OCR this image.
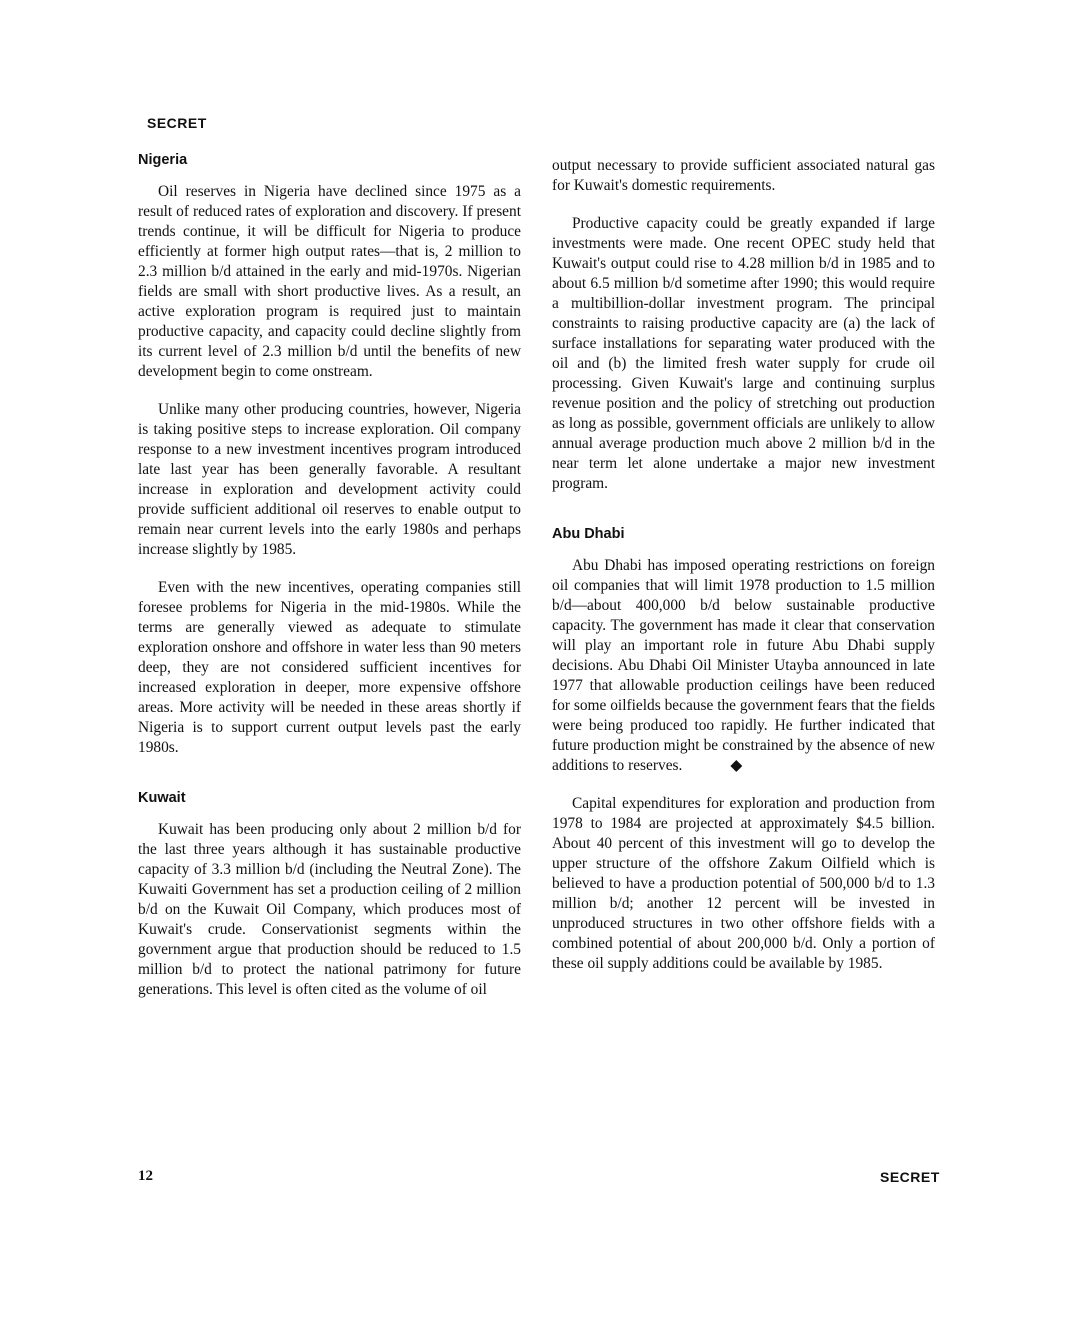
SECRET
Nigeria

Oil reserves in Nigeria have declined since 1975 as a result of reduced rates of exploration and discovery. If present trends continue, it will be difficult for Nigeria to produce efficiently at former high output rates—that is, 2 million to 2.3 million b/d attained in the early and mid-1970s. Nigerian fields are small with short productive lives. As a result, an active exploration program is required just to maintain productive capacity, and capacity could decline slightly from its current level of 2.3 million b/d until the benefits of new development begin to come onstream.

Unlike many other producing countries, however, Nigeria is taking positive steps to increase exploration. Oil company response to a new investment incentives program introduced late last year has been generally favorable. A resultant increase in exploration and development activity could provide sufficient additional oil reserves to enable output to remain near current levels into the early 1980s and perhaps increase slightly by 1985.

Even with the new incentives, operating companies still foresee problems for Nigeria in the mid-1980s. While the terms are generally viewed as adequate to stimulate exploration onshore and offshore in water less than 90 meters deep, they are not considered sufficient incentives for increased exploration in deeper, more expensive offshore areas. More activity will be needed in these areas shortly if Nigeria is to support current output levels past the early 1980s.

Kuwait

Kuwait has been producing only about 2 million b/d for the last three years although it has sustainable productive capacity of 3.3 million b/d (including the Neutral Zone). The Kuwaiti Government has set a production ceiling of 2 million b/d on the Kuwait Oil Company, which produces most of Kuwait's crude. Conservationist segments within the government argue that production should be reduced to 1.5 million b/d to protect the national patrimony for future generations. This level is often cited as the volume of oil

output necessary to provide sufficient associated natural gas for Kuwait's domestic requirements.

Productive capacity could be greatly expanded if large investments were made. One recent OPEC study held that Kuwait's output could rise to 4.28 million b/d in 1985 and to about 6.5 million b/d sometime after 1990; this would require a multibillion-dollar investment program. The principal constraints to raising productive capacity are (a) the lack of surface installations for separating water produced with the oil and (b) the limited fresh water supply for crude oil processing. Given Kuwait's large and continuing surplus revenue position and the policy of stretching out production as long as possible, government officials are unlikely to allow annual average production much above 2 million b/d in the near term let alone undertake a major new investment program.

Abu Dhabi

Abu Dhabi has imposed operating restrictions on foreign oil companies that will limit 1978 production to 1.5 million b/d—about 400,000 b/d below sustainable productive capacity. The government has made it clear that conservation will play an important role in future Abu Dhabi supply decisions. Abu Dhabi Oil Minister Utayba announced in late 1977 that allowable production ceilings have been reduced for some oilfields because the government fears that the fields were being produced too rapidly. He further indicated that future production might be constrained by the absence of new additions to reserves.	◆

Capital expenditures for exploration and production from 1978 to 1984 are projected at approximately $4.5 billion. About 40 percent of this investment will go to develop the upper structure of the offshore Zakum Oilfield which is believed to have a production potential of 500,000 b/d to 1.3 million b/d; another 12 percent will be invested in unproduced structures in two other offshore fields with a combined potential of about 200,000 b/d. Only a portion of these oil supply additions could be available by 1985.

12	SECRET
